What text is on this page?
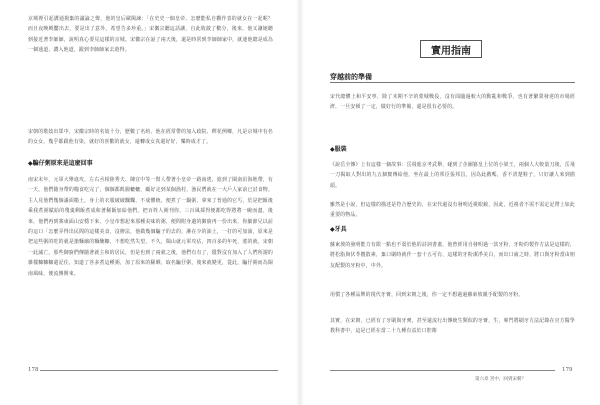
京城裡引起溝通揚棄的議論之聲，他的皇后歐陽諫：「在史史一個皇帝，怎麼能私自觀作表的就女在一起呢？而且夜晚曉靨出去，要是出了意外，希望告多珍重。」宋徽宗聽這話讓，自此收斂了數分，後來，他又讓她聽到接近著李師師，說明真心要見這樣的京城。宋徽宗在說了兩天後，還是時常到李師師家中，就連他總是成為一個通道，讚入他道，跟到李師師家去遊得。

宋朝的歌妓出眾中，宋徽宗時的名妓十分，歷數了名約，他在經常帶的加入政院、釋花例鄉，凡是京城中有名的女女，幾乎都跟他有染，就好的喜歡的就女，還轉成女真還好好，樂時成才了。

◆騙仔粥原來是這麼回事

南宋末年，元軍大舉進攻，左右丞相陸秀夫、陳宜中等一幫人帶著小皇帝一路南逃，進到了閩南沿海地帶，有一天，他們隨身帶的糧食吃完了，個個都飢腸轆轆，顧好走到某個漁村，漁民們就在一大戶人家前已討食物。主人見他們幾個滿面糙土，身上的衣服破破爛爛，不成體統，便煮了一鍋粥，拿來了普通的它丐，於是把飯後乘我煮粥賦給的殘羹剩飯煮成和著稀飯加給他們。把百姓人粥刊你，三百風採得便都吃得將將一碗而盡，後來，他們再到寨東面山安穩下來，小皇帝想起來那種美味的粥，便問附身邊的御廚再一份出來，你細節兄以前的這口「怎麼弄得出民間的這樣美食，沒辦法，他做幾個騙子的去的，淋在少的油上，一打的可加油，原來是把這些粥的吃的就是搶麵縮的麵醃糠，不想吃然失望，不久，閩山就元軍攻佔，四百多的年死，遙的就，宋朝一此滅亡，那些御廚們傳隨著就主和的居民，但是也到了兩就之後，他們有有了，隱對沒有加入了人們所謂的雜樣糠糠糠還記住，知道了菩多煮這種粥，加了原來的稀晒，取名騙仔粥，後來就變更，從此，騙仔粥而為閩南風味，便流傳開來。

178
實用指南
穿越前的準備

宋代總體上和平安寧，除了末期不辛的蒙城戰役，沒有面臨過較大的動亂和戰爭，也有著繁榮發達的市場經濟，一旦安頓了一定，做好行的準備，還是很有必要的。

◆服裝

《說岳全傳》上有這樣一個故事：岳飛進京考武舉，碰到了企圖篡皇上位的小梁王，兩個人大較量刀後，岳飛一刀揭取人對出的九五個寶傳給他，坐在最上的邦臣張邦昌，因為此戲嗎，香不清楚鞋子，只好讓人來到描頭。

雖然是小說，但這樣的描述是符合歷史的，在宋代還沒有發明近視眼鏡，因此，近視者不需不需定記帶上如此重要的物品。

◆牙具

蘇東坡的發明能力有限一點也不弱於他的詩詞書畫，他曾經用自發明過一款牙粉，牙粉的製作方法是這樣的，將松脂與伏苓攪散素，棄口刷時就作一套十五可有，這樣的牙粉潔淨美白，而出口齒之時，將口與牙粉當由朋友配製的牙粉中，中外。

用慣了各種品牌的現代牙膏，回到宋朝之後，你一定不想過過蘇東坡親手配製的牙粉。

其實，在宋朝，已經有了牙刷與牙膏，甚至還流行出傳統生類似的牙膏，生，專門將刷牙方法記錄在官方醫學教科書中，這是已經在當二十九種有益於口腔衛

179
第六章 宮中，回到宋朝？
